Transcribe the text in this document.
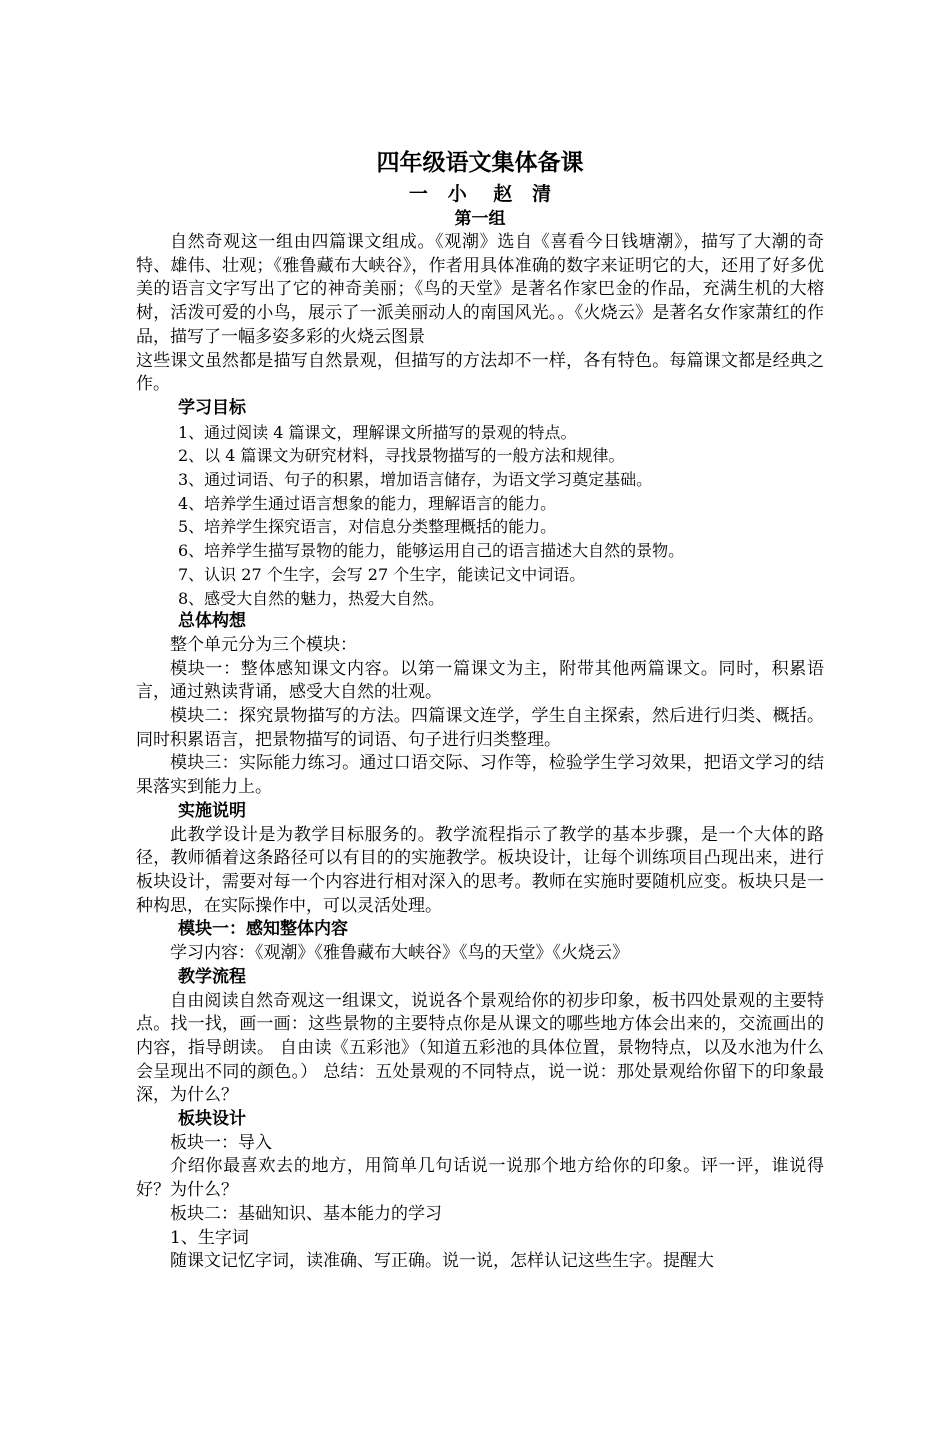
四年级语文集体备课

一   小    赵   清

第一组

自然奇观这一组由四篇课文组成。《观潮》选自《喜看今日钱塘潮》，描写了大潮的奇特、雄伟、壮观；《雅鲁藏布大峡谷》，作者用具体准确的数字来证明它的大，还用了好多优美的语言文字写出了它的神奇美丽；《鸟的天堂》是著名作家巴金的作品，充满生机的大榕树，活泼可爱的小鸟，展示了一派美丽动人的南国风光。。《火烧云》是著名女作家萧红的作品，描写了一幅多姿多彩的火烧云图景

这些课文虽然都是描写自然景观，但描写的方法却不一样，各有特色。每篇课文都是经典之作。

学习目标

1、通过阅读 4 篇课文，理解课文所描写的景观的特点。

2、以 4 篇课文为研究材料，寻找景物描写的一般方法和规律。

3、通过词语、句子的积累，增加语言储存，为语文学习奠定基础。

4、培养学生通过语言想象的能力，理解语言的能力。

5、培养学生探究语言，对信息分类整理概括的能力。

6、培养学生描写景物的能力，能够运用自己的语言描述大自然的景物。

7、认识 27 个生字，会写 27 个生字，能读记文中词语。

8、感受大自然的魅力，热爱大自然。

总体构想

整个单元分为三个模块：

模块一：整体感知课文内容。以第一篇课文为主，附带其他两篇课文。同时，积累语言，通过熟读背诵，感受大自然的壮观。

模块二：探究景物描写的方法。四篇课文连学，学生自主探索，然后进行归类、概括。同时积累语言，把景物描写的词语、句子进行归类整理。

模块三：实际能力练习。通过口语交际、习作等，检验学生学习效果，把语文学习的结果落实到能力上。

实施说明

此教学设计是为教学目标服务的。教学流程指示了教学的基本步骤，是一个大体的路径，教师循着这条路径可以有目的的实施教学。板块设计，让每个训练项目凸现出来，进行板块设计，需要对每一个内容进行相对深入的思考。教师在实施时要随机应变。板块只是一种构思，在实际操作中，可以灵活处理。

模块一：感知整体内容

学习内容：《观潮》《雅鲁藏布大峡谷》《鸟的天堂》《火烧云》

教学流程

自由阅读自然奇观这一组课文，说说各个景观给你的初步印象，板书四处景观的主要特点。找一找，画一画：这些景物的主要特点你是从课文的哪些地方体会出来的，交流画出的内容，指导朗读。 自由读《五彩池》（知道五彩池的具体位置，景物特点，以及水池为什么会呈现出不同的颜色。） 总结：五处景观的不同特点，说一说：那处景观给你留下的印象最深，为什么？

板块设计

板块一：导入

介绍你最喜欢去的地方，用简单几句话说一说那个地方给你的印象。评一评，谁说得好？为什么？

板块二：基础知识、基本能力的学习

1、生字词

随课文记忆字词，读准确、写正确。说一说，怎样认记这些生字。提醒大
